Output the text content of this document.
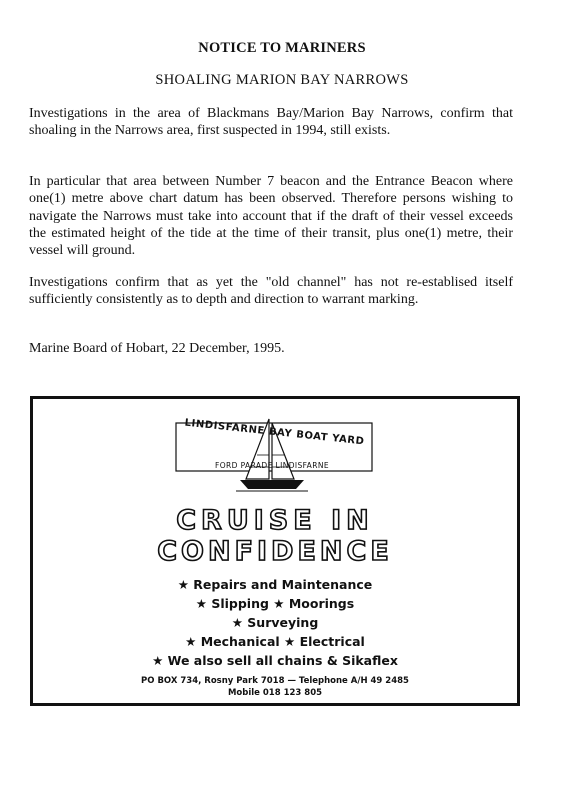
NOTICE TO MARINERS
SHOALING MARION BAY NARROWS
Investigations in the area of Blackmans Bay/Marion Bay Narrows, confirm that shoaling in the Narrows area, first suspected in 1994, still exists.
In particular that area between Number 7 beacon and the Entrance Beacon where one(1) metre above chart datum has been observed. Therefore persons wishing to navigate the Narrows must take into account that if the draft of their vessel exceeds the estimated height of the tide at the time of their transit, plus one(1) metre, their vessel will ground.
Investigations confirm that as yet the "old channel" has not re-establised itself sufficiently consistently as to depth and direction to warrant marking.
Marine Board of Hobart, 22 December, 1995.
LINDISFARNE BAY BOAT YARD
FORD PARADE LINDISFARNE
CRUISE IN
CONFIDENCE
★ Repairs and Maintenance
★ Slipping ★ Moorings
★ Surveying
★ Mechanical ★ Electrical
★ We also sell all chains & Sikaflex
PO BOX 734, Rosny Park 7018 — Telephone A/H 49 2485
Mobile 018 123 805
